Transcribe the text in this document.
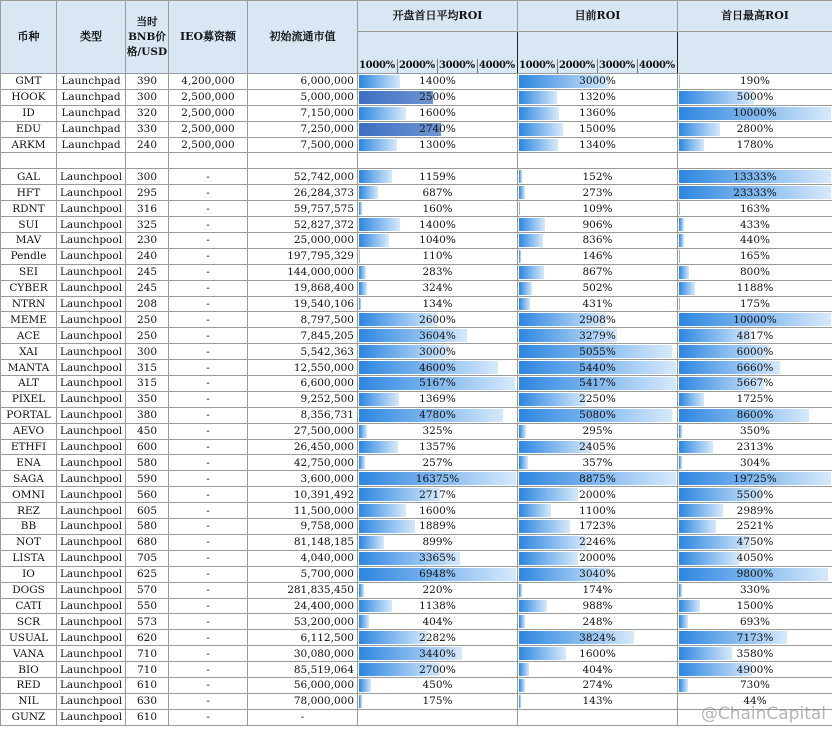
币种	类型	当时BNB价格/USD	IEO募资额	初始流通市值	开盘首日平均ROI	目前ROI	首日最高ROI

					1000% 2000% 3000% 4000%	1000% 2000% 3000% 4000%	

GMT	Launchpad	390	4,200,000	6,000,000	1400%	3000%	190%
HOOK	Launchpad	300	2,500,000	5,000,000	2500%	1320%	5000%
ID	Launchpad	320	2,500,000	7,150,000	1600%	1360%	10000%
EDU	Launchpad	330	2,500,000	7,250,000	2740%	1500%	2800%
ARKM	Launchpad	240	2,500,000	7,500,000	1300%	1340%	1780%

GAL	Launchpool	300	-	52,742,000	1159%	152%	13333%
HFT	Launchpool	295	-	26,284,373	687%	273%	23333%
RDNT	Launchpool	316	-	59,757,575	160%	109%	163%
SUI	Launchpool	325	-	52,827,372	1400%	906%	433%
MAV	Launchpool	230	-	25,000,000	1040%	836%	440%
Pendle	Launchpool	240	-	197,795,329	110%	146%	165%
SEI	Launchpool	245	-	144,000,000	283%	867%	800%
CYBER	Launchpool	245	-	19,868,400	324%	502%	1188%
NTRN	Launchpool	208	-	19,540,106	134%	431%	175%
MEME	Launchpool	250	-	8,797,500	2600%	2908%	10000%
ACE	Launchpool	250	-	7,845,205	3604%	3279%	4817%
XAI	Launchpool	300	-	5,542,363	3000%	5055%	6000%
MANTA	Launchpool	315	-	12,550,000	4600%	5440%	6660%
ALT	Launchpool	315	-	6,600,000	5167%	5417%	5667%
PIXEL	Launchpool	350	-	9,252,500	1369%	2250%	1725%
PORTAL	Launchpool	380	-	8,356,731	4780%	5080%	8600%
AEVO	Launchpool	450	-	27,500,000	325%	295%	350%
ETHFI	Launchpool	600	-	26,450,000	1357%	2405%	2313%
ENA	Launchpool	580	-	42,750,000	257%	357%	304%
SAGA	Launchpool	590	-	3,600,000	16375%	8875%	19725%
OMNI	Launchpool	560	-	10,391,492	2717%	2000%	5500%
REZ	Launchpool	605	-	11,500,000	1600%	1100%	2989%
BB	Launchpool	580	-	9,758,000	1889%	1723%	2521%
NOT	Launchpool	680	-	81,148,185	899%	2246%	4750%
LISTA	Launchpool	705	-	4,040,000	3365%	2000%	4050%
IO	Launchpool	625	-	5,700,000	6948%	3040%	9800%
DOGS	Launchpool	570	-	281,835,450	220%	174%	330%
CATI	Launchpool	550	-	24,400,000	1138%	988%	1500%
SCR	Launchpool	573	-	53,200,000	404%	248%	693%
USUAL	Launchpool	620	-	6,112,500	2282%	3824%	7173%
VANA	Launchpool	710	-	30,080,000	3440%	1600%	3580%
BIO	Launchpool	710	-	85,519,064	2700%	404%	4900%
RED	Launchpool	610	-	56,000,000	450%	274%	730%
NIL	Launchpool	630	-	78,000,000	175%	143%	44%
GUNZ	Launchpool	610	-	-				@ChainCapital
